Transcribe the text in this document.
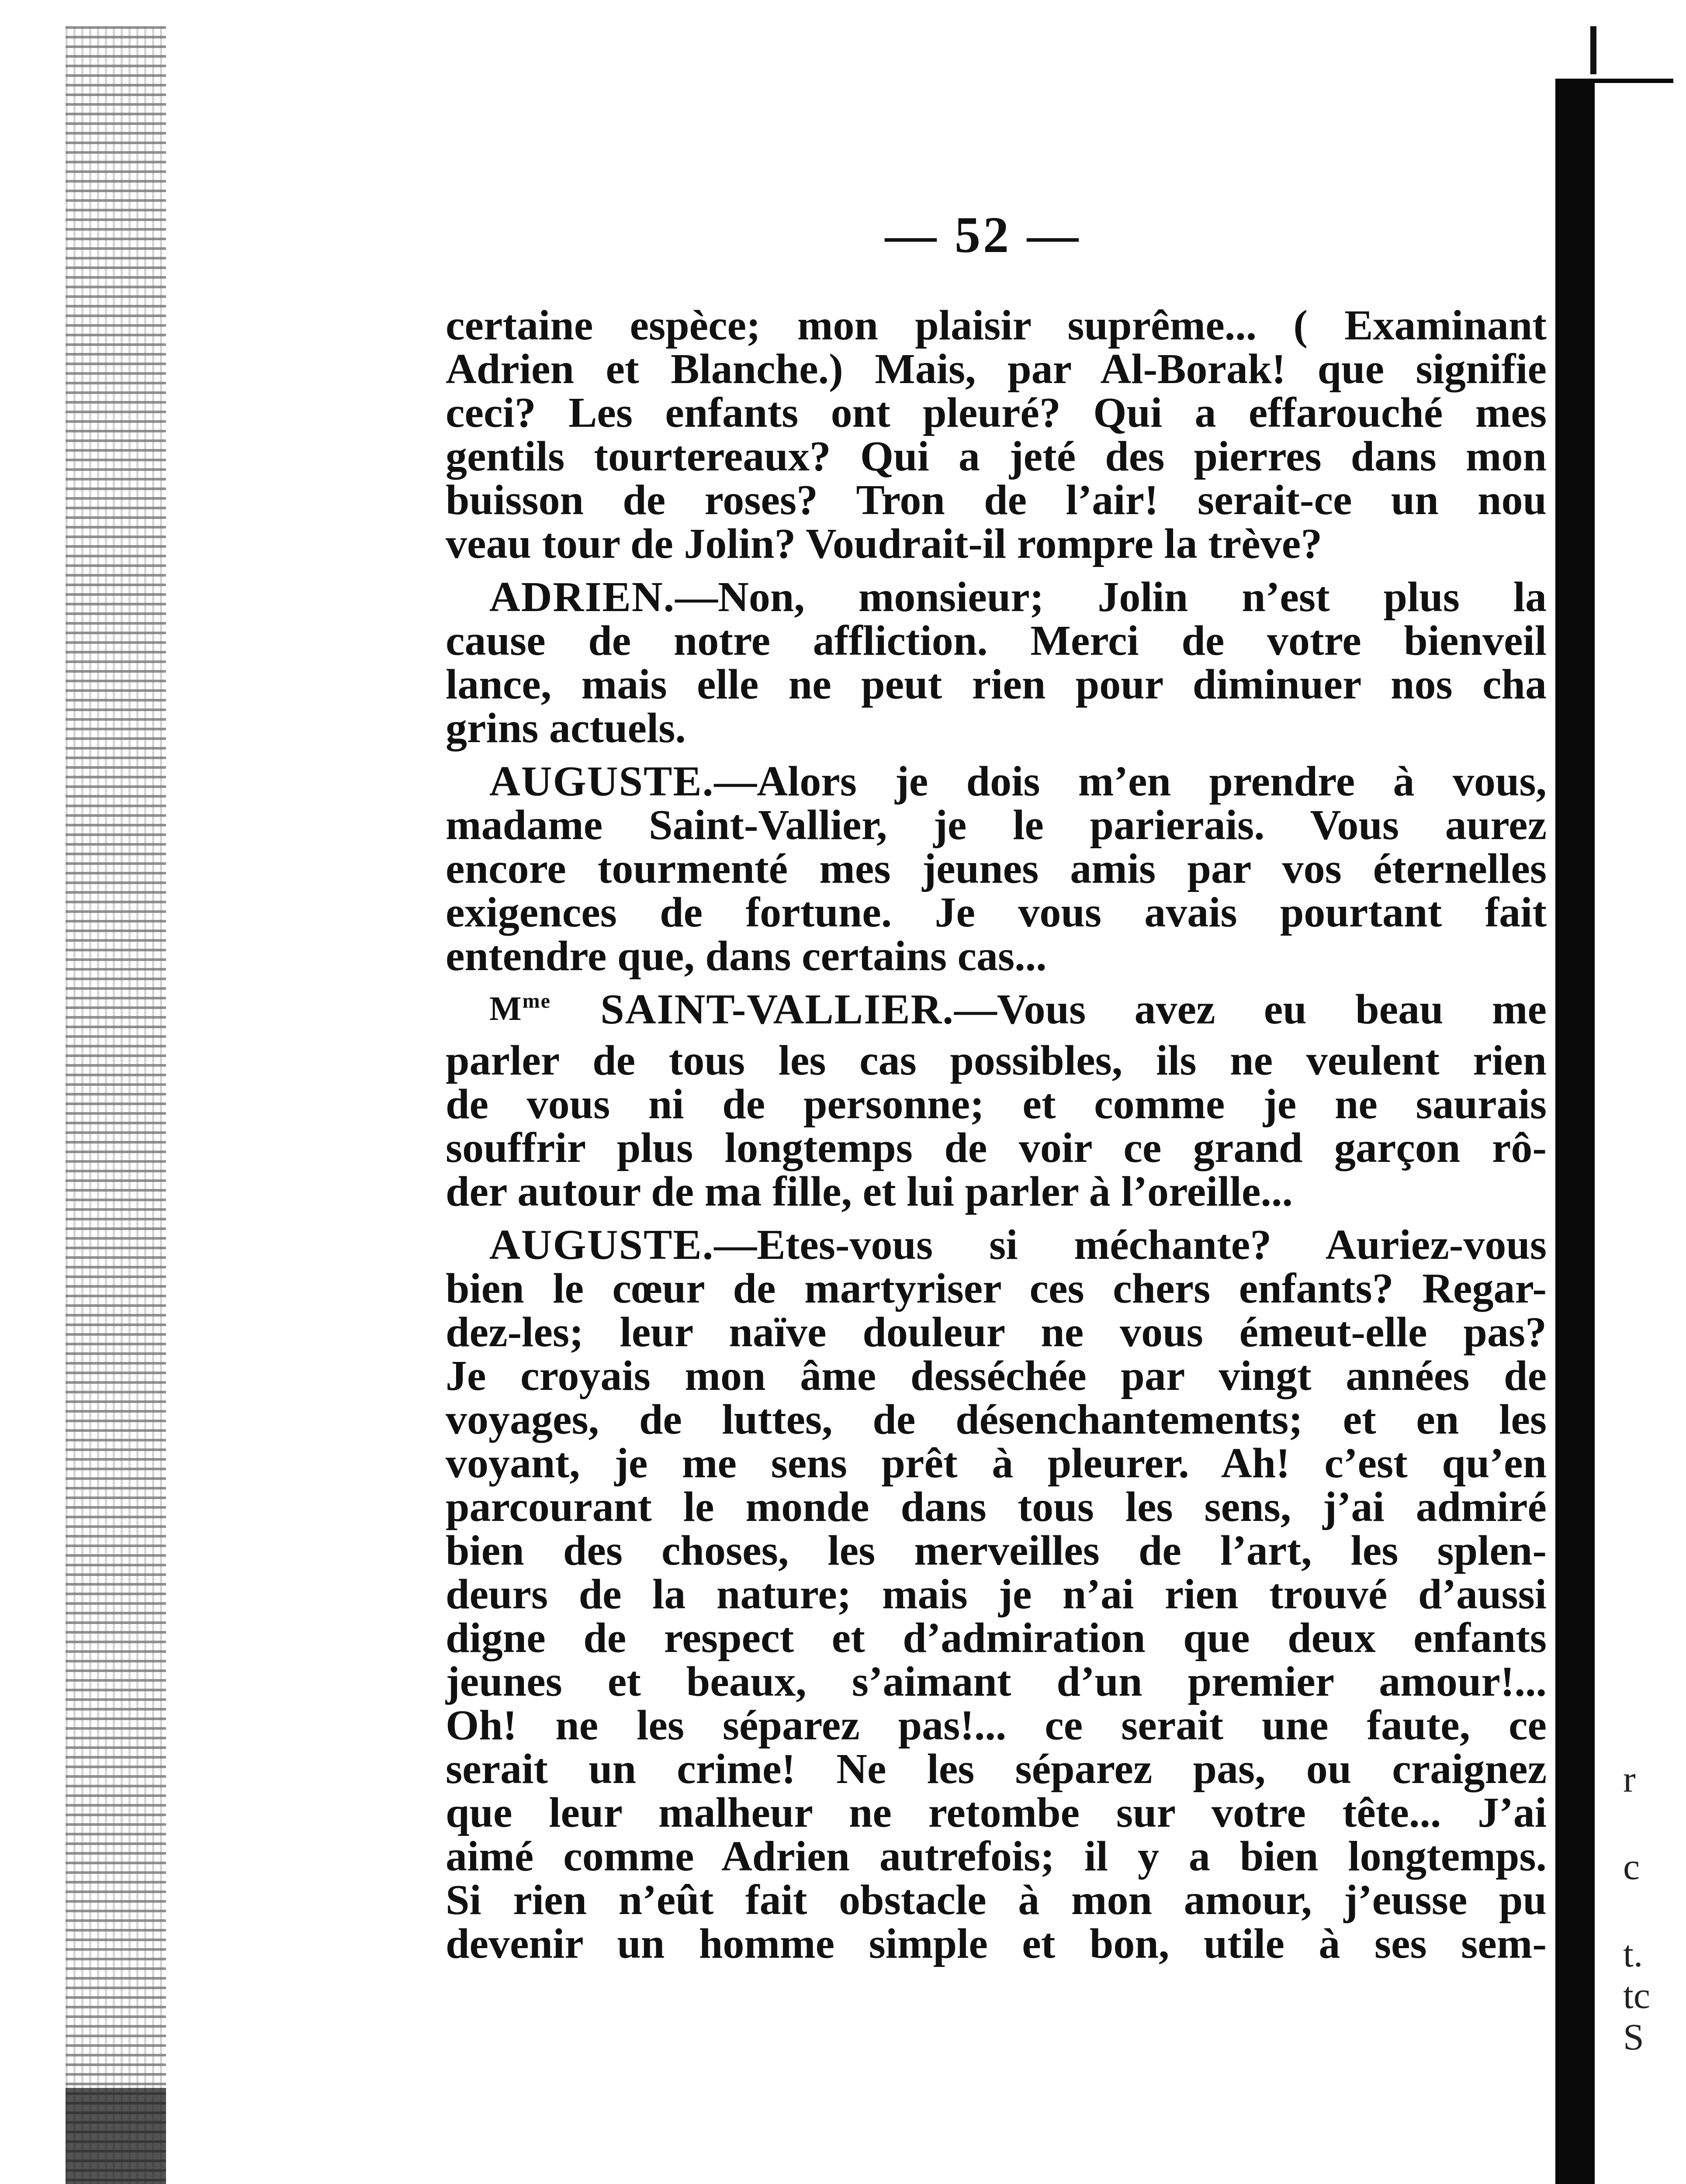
r
c
t.
tc
S
— 52 —
certaine espèce; mon plaisir suprême... ( Examinant
Adrien et Blanche.) Mais, par Al-Borak! que signifie
ceci? Les enfants ont pleuré? Qui a effarouché mes
gentils tourtereaux? Qui a jeté des pierres dans mon
buisson de roses? Tron de l’air! serait-ce un nou
veau tour de Jolin? Voudrait-il rompre la trève?
ADRIEN.—Non, monsieur; Jolin n’est plus la
cause de notre affliction. Merci de votre bienveil
lance, mais elle ne peut rien pour diminuer nos cha
grins actuels.
AUGUSTE.—Alors je dois m’en prendre à vous,
madame Saint-Vallier, je le parierais. Vous aurez
encore tourmenté mes jeunes amis par vos éternelles
exigences de fortune. Je vous avais pourtant fait
entendre que, dans certains cas...
$M^{me}$ SAINT-VALLIER.—Vous avez eu beau me
parler de tous les cas possibles, ils ne veulent rien
de vous ni de personne; et comme je ne saurais
souffrir plus longtemps de voir ce grand garçon rô-
der autour de ma fille, et lui parler à l’oreille...
AUGUSTE.—Etes-vous si méchante? Auriez-vous
bien le cœur de martyriser ces chers enfants? Regar-
dez-les; leur naïve douleur ne vous émeut-elle pas?
Je croyais mon âme desséchée par vingt années de
voyages, de luttes, de désenchantements; et en les
voyant, je me sens prêt à pleurer. Ah! c’est qu’en
parcourant le monde dans tous les sens, j’ai admiré
bien des choses, les merveilles de l’art, les splen-
deurs de la nature; mais je n’ai rien trouvé d’aussi
digne de respect et d’admiration que deux enfants
jeunes et beaux, s’aimant d’un premier amour!...
Oh! ne les séparez pas!... ce serait une faute, ce
serait un crime! Ne les séparez pas, ou craignez
que leur malheur ne retombe sur votre tête... J’ai
aimé comme Adrien autrefois; il y a bien longtemps.
Si rien n’eût fait obstacle à mon amour, j’eusse pu
devenir un homme simple et bon, utile à ses sem-
